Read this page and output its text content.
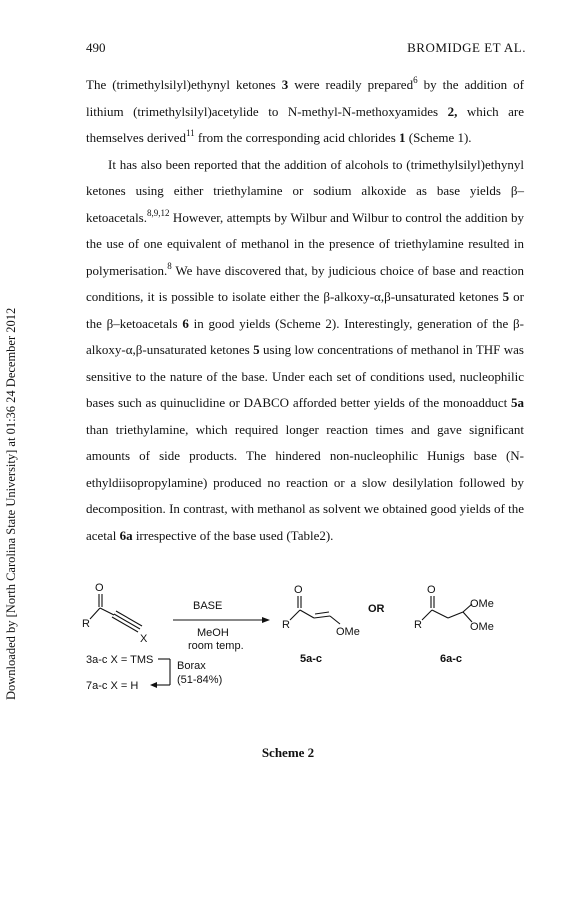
490	BROMIDGE ET AL.
Downloaded by [North Carolina State University] at 01:36 24 December 2012

The (trimethylsilyl)ethynyl ketones 3 were readily prepared$^6$ by the addition of lithium (trimethylsilyl)acetylide to N-methyl-N-methoxyamides 2, which are themselves derived$^{11}$ from the corresponding acid chlorides 1 (Scheme 1).

It has also been reported that the addition of alcohols to (trimethylsilyl)ethynyl ketones using either triethylamine or sodium alkoxide as base yields β–ketoacetals.$^{8,9,12}$ However, attempts by Wilbur and Wilbur to control the addition by the use of one equivalent of methanol in the presence of triethylamine resulted in polymerisation.$^8$ We have discovered that, by judicious choice of base and reaction conditions, it is possible to isolate either the β-alkoxy-α,β-unsaturated ketones 5 or the β–ketoacetals 6 in good yields (Scheme 2). Interestingly, generation of the β-alkoxy-α,β-unsaturated ketones 5 using low concentrations of methanol in THF was sensitive to the nature of the base. Under each set of conditions used, nucleophilic bases such as quinuclidine or DABCO afforded better yields of the monoadduct 5a than triethylamine, which required longer reaction times and gave significant amounts of side products. The hindered non-nucleophilic Hunigs base (N-ethyldiisopropylamine) produced no reaction or a slow desilylation followed by decomposition. In contrast, with methanol as solvent we obtained good yields of the acetal 6a irrespective of the base used (Table2).

O
R
X
BASE
MeOH
room temp.
O
R
OMe
OR
O
R
OMe
OMe
5a-c	6a-c
3a-c X = TMS
7a-c X = H
Borax
(51-84%)
Scheme 2
